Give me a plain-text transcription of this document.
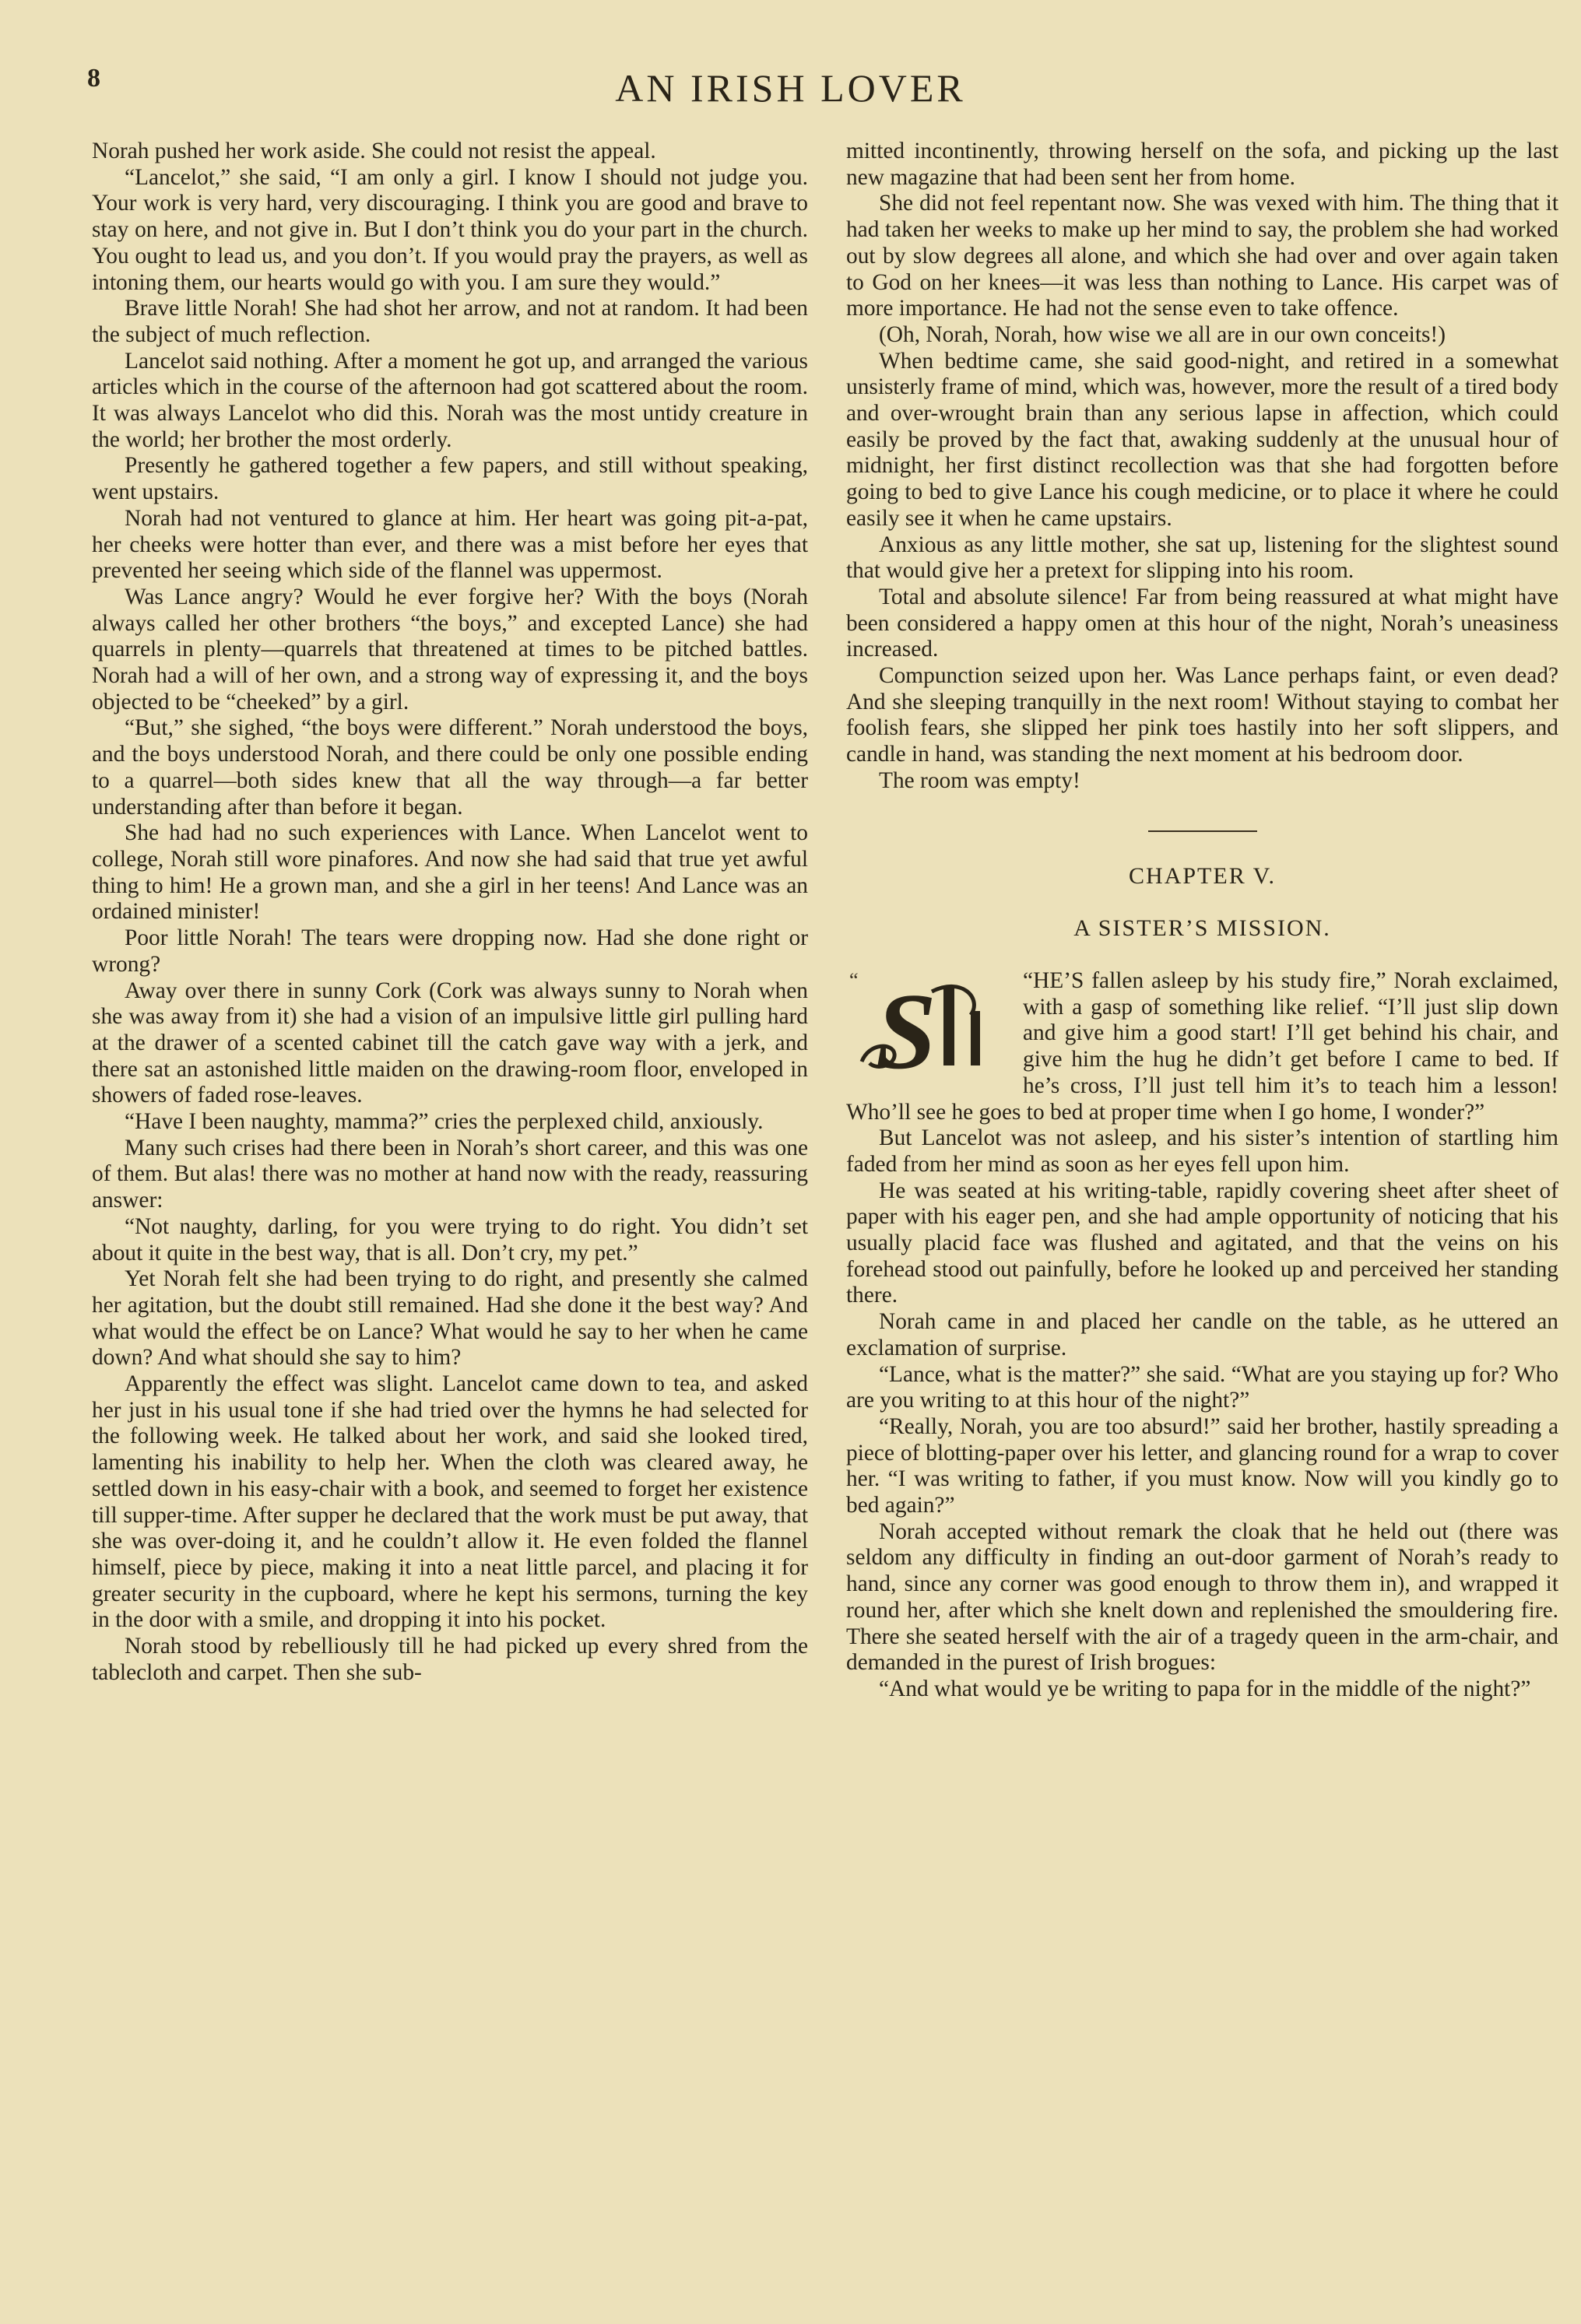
8	AN IRISH LOVER

Norah pushed her work aside. She could not resist the appeal.

“Lancelot,” she said, “I am only a girl. I know I should not judge you. Your work is very hard, very discouraging. I think you are good and brave to stay on here, and not give in. But I don’t think you do your part in the church. You ought to lead us, and you don’t. If you would pray the prayers, as well as intoning them, our hearts would go with you. I am sure they would.”

Brave little Norah! She had shot her arrow, and not at random. It had been the subject of much reflection.

Lancelot said nothing. After a moment he got up, and arranged the various articles which in the course of the afternoon had got scattered about the room. It was always Lancelot who did this. Norah was the most untidy creature in the world; her brother the most orderly.

Presently he gathered together a few papers, and still without speaking, went upstairs.

Norah had not ventured to glance at him. Her heart was going pit-a-pat, her cheeks were hotter than ever, and there was a mist before her eyes that prevented her seeing which side of the flannel was uppermost.

Was Lance angry? Would he ever forgive her? With the boys (Norah always called her other brothers “the boys,” and excepted Lance) she had quarrels in plenty—quarrels that threatened at times to be pitched battles. Norah had a will of her own, and a strong way of expressing it, and the boys objected to be “cheeked” by a girl.

“But,” she sighed, “the boys were different.” Norah understood the boys, and the boys understood Norah, and there could be only one possible ending to a quarrel—both sides knew that all the way through—a far better understanding after than before it began.

She had had no such experiences with Lance. When Lancelot went to college, Norah still wore pinafores. And now she had said that true yet awful thing to him! He a grown man, and she a girl in her teens! And Lance was an ordained minister!

Poor little Norah! The tears were dropping now. Had she done right or wrong?

Away over there in sunny Cork (Cork was always sunny to Norah when she was away from it) she had a vision of an impulsive little girl pulling hard at the drawer of a scented cabinet till the catch gave way with a jerk, and there sat an astonished little maiden on the drawing-room floor, enveloped in showers of faded rose-leaves.

“Have I been naughty, mamma?” cries the perplexed child, anxiously.

Many such crises had there been in Norah’s short career, and this was one of them. But alas! there was no mother at hand now with the ready, reassuring answer:

“Not naughty, darling, for you were trying to do right. You didn’t set about it quite in the best way, that is all. Don’t cry, my pet.”

Yet Norah felt she had been trying to do right, and presently she calmed her agitation, but the doubt still remained. Had she done it the best way? And what would the effect be on Lance? What would he say to her when he came down? And what should she say to him?

Apparently the effect was slight. Lancelot came down to tea, and asked her just in his usual tone if she had tried over the hymns he had selected for the following week. He talked about her work, and said she looked tired, lamenting his inability to help her. When the cloth was cleared away, he settled down in his easy-chair with a book, and seemed to forget her existence till supper-time. After supper he declared that the work must be put away, that she was over-doing it, and he couldn’t allow it. He even folded the flannel himself, piece by piece, making it into a neat little parcel, and placing it for greater security in the cupboard, where he kept his sermons, turning the key in the door with a smile, and dropping it into his pocket.

Norah stood by rebelliously till he had picked up every shred from the tablecloth and carpet. Then she sub-

mitted incontinently, throwing herself on the sofa, and picking up the last new magazine that had been sent her from home.

She did not feel repentant now. She was vexed with him. The thing that it had taken her weeks to make up her mind to say, the problem she had worked out by slow degrees all alone, and which she had over and over again taken to God on her knees—it was less than nothing to Lance. His carpet was of more importance. He had not the sense even to take offence.

(Oh, Norah, Norah, how wise we all are in our own conceits!)

When bedtime came, she said good-night, and retired in a somewhat unsisterly frame of mind, which was, however, more the result of a tired body and over-wrought brain than any serious lapse in affection, which could easily be proved by the fact that, awaking suddenly at the unusual hour of midnight, her first distinct recollection was that she had forgotten before going to bed to give Lance his cough medicine, or to place it where he could easily see it when he came upstairs.

Anxious as any little mother, she sat up, listening for the slightest sound that would give her a pretext for slipping into his room.

Total and absolute silence! Far from being reassured at what might have been considered a happy omen at this hour of the night, Norah’s uneasiness increased.

Compunction seized upon her. Was Lance perhaps faint, or even dead? And she sleeping tranquilly in the next room! Without staying to combat her foolish fears, she slipped her pink toes hastily into her soft slippers, and candle in hand, was standing the next moment at his bedroom door.

The room was empty!

CHAPTER V.
A SISTER’S MISSION.
“ S	“HE’S fallen asleep by his study fire,” Norah exclaimed, with a gasp of something like relief. “I’ll just slip down and give him a good start! I’ll get behind his chair, and give him the hug he didn’t get before I came to bed. If he’s cross, I’ll just tell him it’s to teach him a lesson! Who’ll see he goes to bed at proper time when I go home, I wonder?”

But Lancelot was not asleep, and his sister’s intention of startling him faded from her mind as soon as her eyes fell upon him.

He was seated at his writing-table, rapidly covering sheet after sheet of paper with his eager pen, and she had ample opportunity of noticing that his usually placid face was flushed and agitated, and that the veins on his forehead stood out painfully, before he looked up and perceived her standing there.

Norah came in and placed her candle on the table, as he uttered an exclamation of surprise.

“Lance, what is the matter?” she said. “What are you staying up for? Who are you writing to at this hour of the night?”

“Really, Norah, you are too absurd!” said her brother, hastily spreading a piece of blotting-paper over his letter, and glancing round for a wrap to cover her. “I was writing to father, if you must know. Now will you kindly go to bed again?”

Norah accepted without remark the cloak that he held out (there was seldom any difficulty in finding an out-door garment of Norah’s ready to hand, since any corner was good enough to throw them in), and wrapped it round her, after which she knelt down and replenished the smouldering fire. There she seated herself with the air of a tragedy queen in the arm-chair, and demanded in the purest of Irish brogues:

“And what would ye be writing to papa for in the middle of the night?”
